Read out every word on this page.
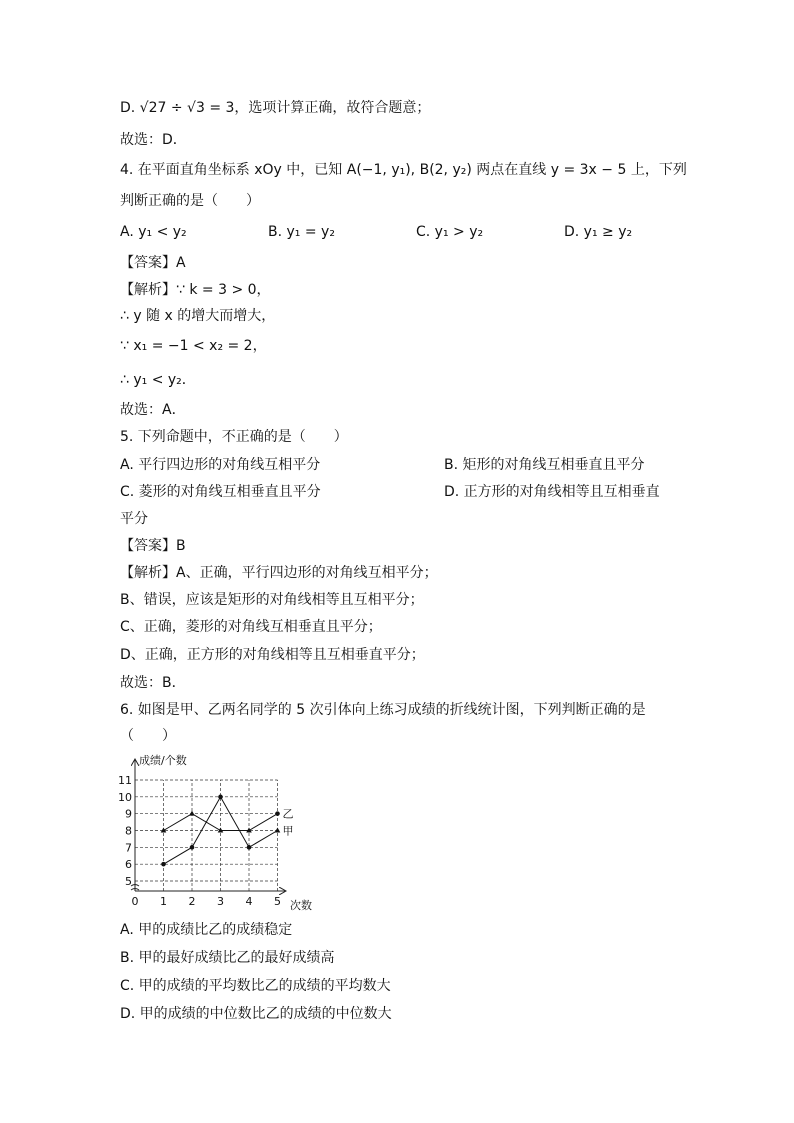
D. √27 ÷ √3 = 3，选项计算正确，故符合题意；
故选：D．
4. 在平面直角坐标系 xOy 中，已知 A(−1, y₁), B(2, y₂) 两点在直线 y = 3x − 5 上，下列
判断正确的是（　　）
A. y₁ < y₂	B. y₁ = y₂	C. y₁ > y₂	D. y₁ ≥ y₂
【答案】A
【解析】∵ k = 3 > 0，
∴ y 随 x 的增大而增大，
∵ x₁ = −1 < x₂ = 2，
∴ y₁ < y₂．
故选：A．
5. 下列命题中，不正确的是（　　）
A. 平行四边形的对角线互相平分	B. 矩形的对角线互相垂直且平分
C. 菱形的对角线互相垂直且平分	D. 正方形的对角线相等且互相垂直
平分
【答案】B
【解析】A、正确，平行四边形的对角线互相平分；
B、错误，应该是矩形的对角线相等且互相平分；
C、正确，菱形的对角线互相垂直且平分；
D、正确，正方形的对角线相等且互相垂直平分；
故选：B．
6. 如图是甲、乙两名同学的 5 次引体向上练习成绩的折线统计图，下列判断正确的是
（　　）
5
6
7
8
9
10
11
1 2 3 4 5
0
成绩/个数
次数
甲
乙
A. 甲的成绩比乙的成绩稳定
B. 甲的最好成绩比乙的最好成绩高
C. 甲的成绩的平均数比乙的成绩的平均数大
D. 甲的成绩的中位数比乙的成绩的中位数大
